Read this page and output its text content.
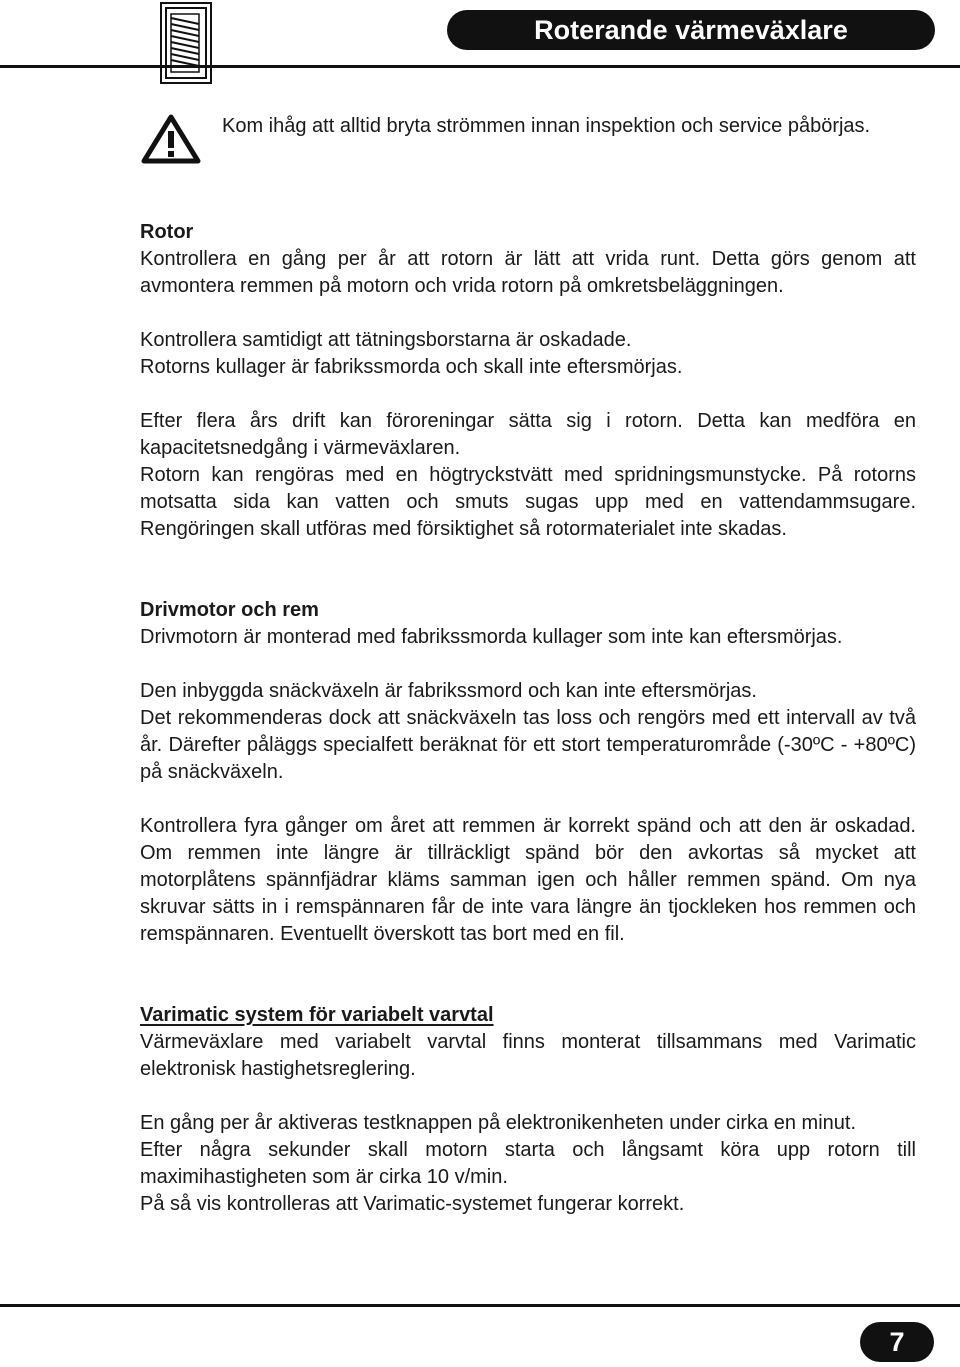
Roterande värmeväxlare
Kom ihåg att alltid bryta strömmen innan inspektion och service påbörjas.
Rotor

Kontrollera en gång per år att rotorn är lätt att vrida runt. Detta görs genom att avmontera remmen på motorn och vrida rotorn på omkretsbeläggningen.

Kontrollera samtidigt att tätningsborstarna är oskadade.

Rotorns kullager är fabrikssmorda och skall inte eftersmörjas.

Efter flera års drift kan föroreningar sätta sig i rotorn. Detta kan medföra en kapacitetsnedgång i värmeväxlaren.

Rotorn kan rengöras med en högtryckstvätt med spridningsmunstycke. På rotorns motsatta sida kan vatten och smuts sugas upp med en vattendammsugare. Rengöringen skall utföras med försiktighet så rotormaterialet inte skadas.

Drivmotor och rem

Drivmotorn är monterad med fabrikssmorda kullager som inte kan eftersmörjas.

Den inbyggda snäckväxeln är fabrikssmord och kan inte eftersmörjas.

Det rekommenderas dock att snäckväxeln tas loss och rengörs med ett intervall av två år. Därefter påläggs specialfett beräknat för ett stort temperaturområde (-30ºC - +80ºC) på snäckväxeln.

Kontrollera fyra gånger om året att remmen är korrekt spänd och att den är oskadad. Om remmen inte längre är tillräckligt spänd bör den avkortas så mycket att motorplåtens spännfjädrar kläms samman igen och håller remmen spänd. Om nya skruvar sätts in i remspännaren får de inte vara längre än tjockleken hos remmen och remspännaren. Eventuellt överskott tas bort med en fil.

Varimatic system för variabelt varvtal

Värmeväxlare med variabelt varvtal finns monterat tillsammans med Varimatic elektronisk hastighetsreglering.

En gång per år aktiveras testknappen på elektronikenheten under cirka en minut.

Efter några sekunder skall motorn starta och långsamt köra upp rotorn till maximihastigheten som är cirka 10 v/min.

På så vis kontrolleras att Varimatic-systemet fungerar korrekt.

7
